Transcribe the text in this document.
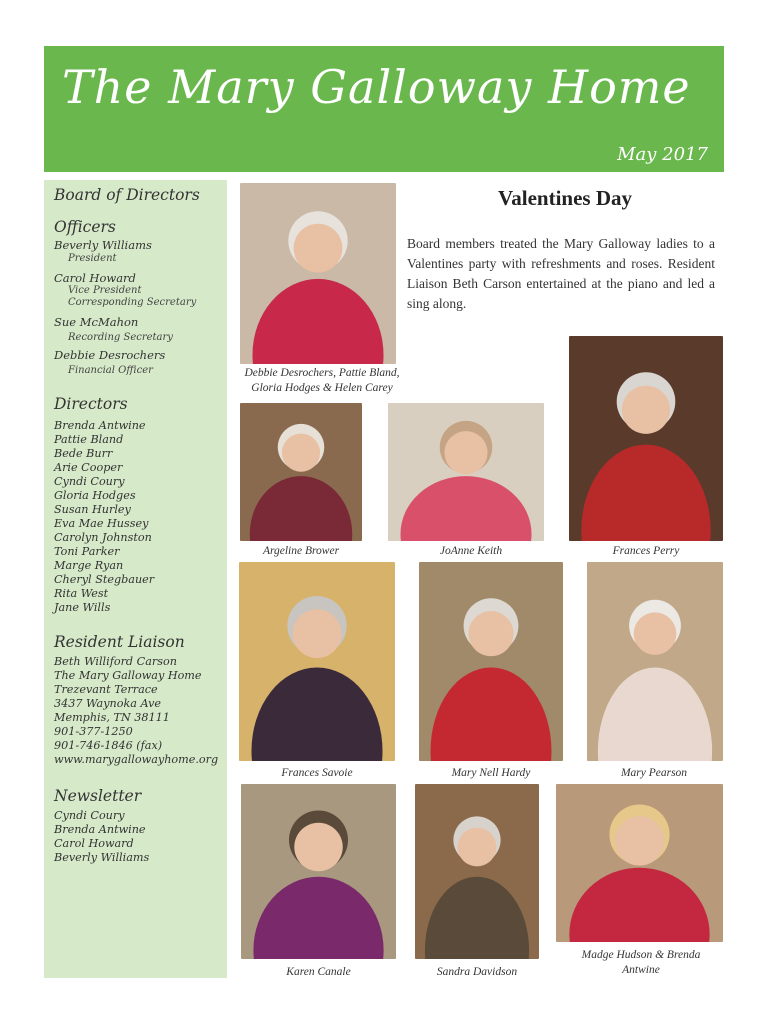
The Mary Galloway Home
May 2017
Board of Directors
Officers
Beverly Williams
President
Carol Howard
Vice President
Corresponding Secretary
Sue McMahon
Recording Secretary
Debbie Desrochers
Financial Officer
Directors
Brenda Antwine
Pattie Bland
Bede Burr
Arie Cooper
Cyndi Coury
Gloria Hodges
Susan Hurley
Eva Mae Hussey
Carolyn Johnston
Toni Parker
Marge Ryan
Cheryl Stegbauer
Rita West
Jane Wills
Resident Liaison
Beth Williford Carson
The Mary Galloway Home
Trezevant Terrace
3437 Waynoka Ave
Memphis, TN 38111
901-377-1250
901-746-1846 (fax)
www.marygallowayhome.org
Newsletter
Cyndi Coury
Brenda Antwine
Carol Howard
Beverly Williams
Valentines Day
Board members treated the Mary Galloway ladies to a Valentines party with refreshments and roses. Resident Liaison Beth Carson entertained at the piano and led a sing along.
Debbie Desrochers, Pattie Bland, Gloria Hodges & Helen Carey
Argeline Brower	JoAnne Keith	Frances Perry
Frances Savoie	Mary Nell Hardy	Mary Pearson
Karen Canale	Sandra Davidson
Madge Hudson & Brenda Antwine
